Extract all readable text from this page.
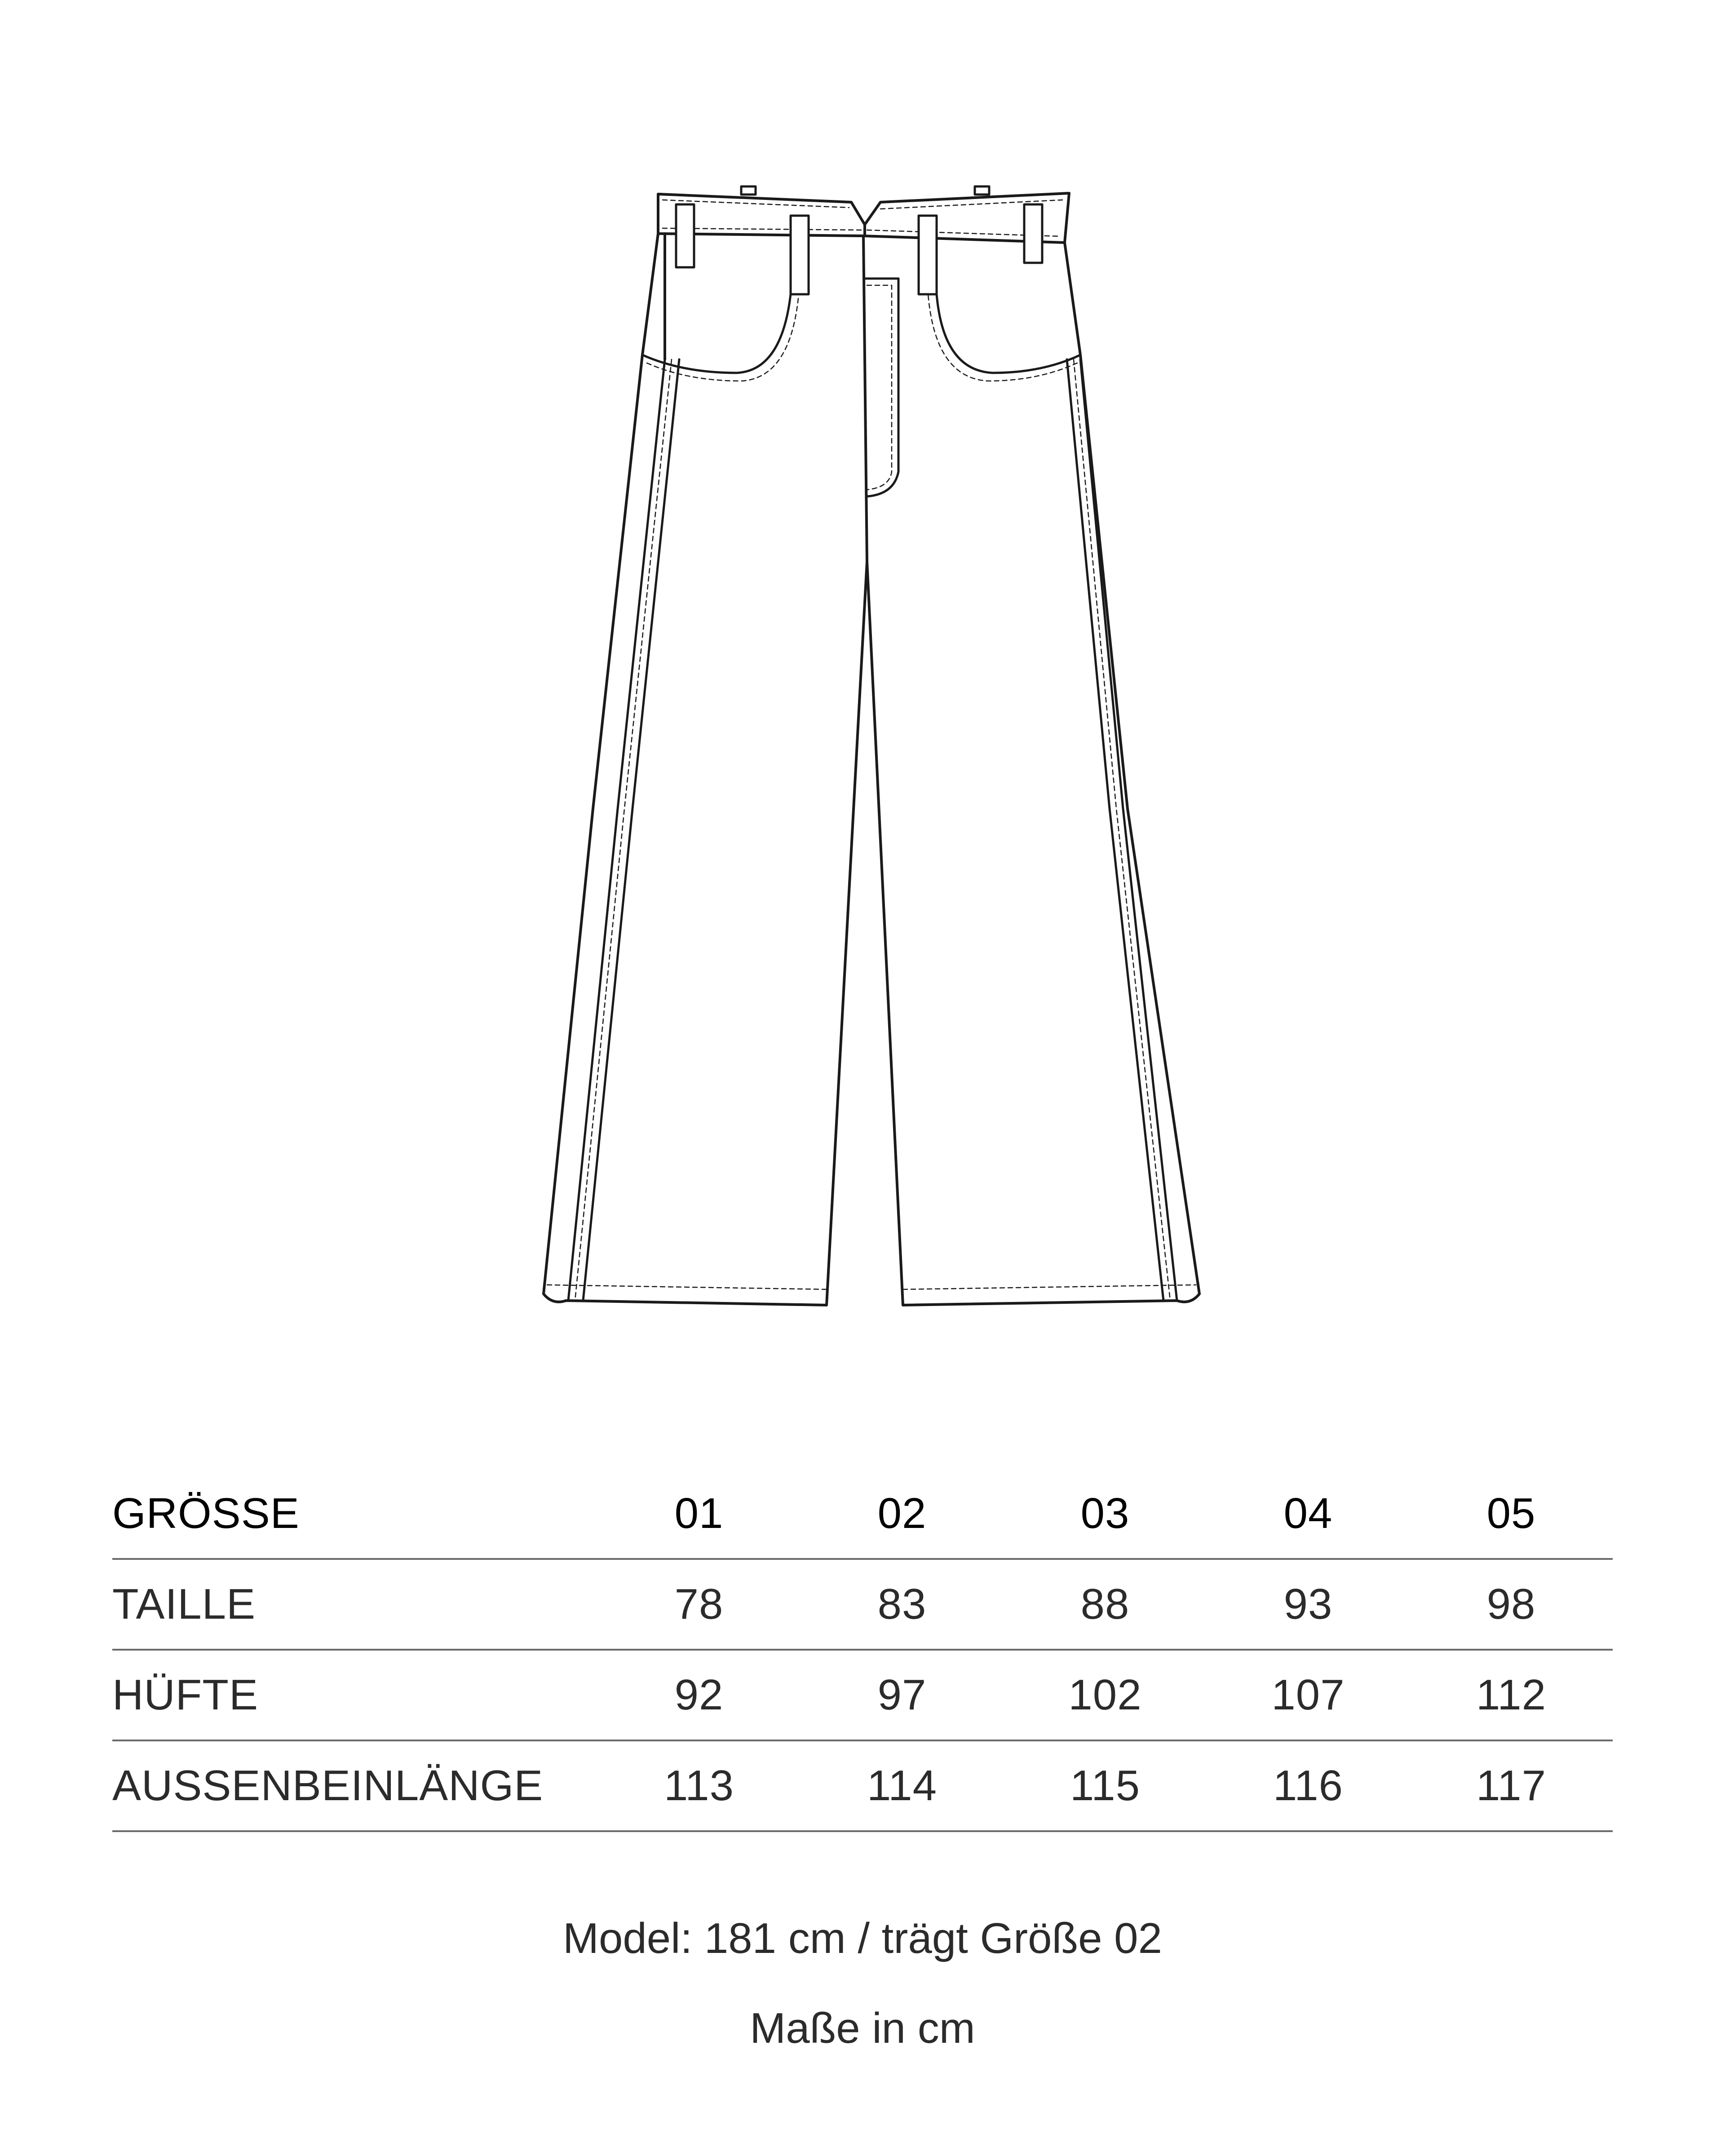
GRÖSSE	01	02	03	04	05
TAILLE	78	83	88	93	98
HÜFTE	92	97	102	107	112
AUSSENBEINLÄNGE	113	114	115	116	117
Model: 181 cm / trägt Größe 02
Maße in cm
